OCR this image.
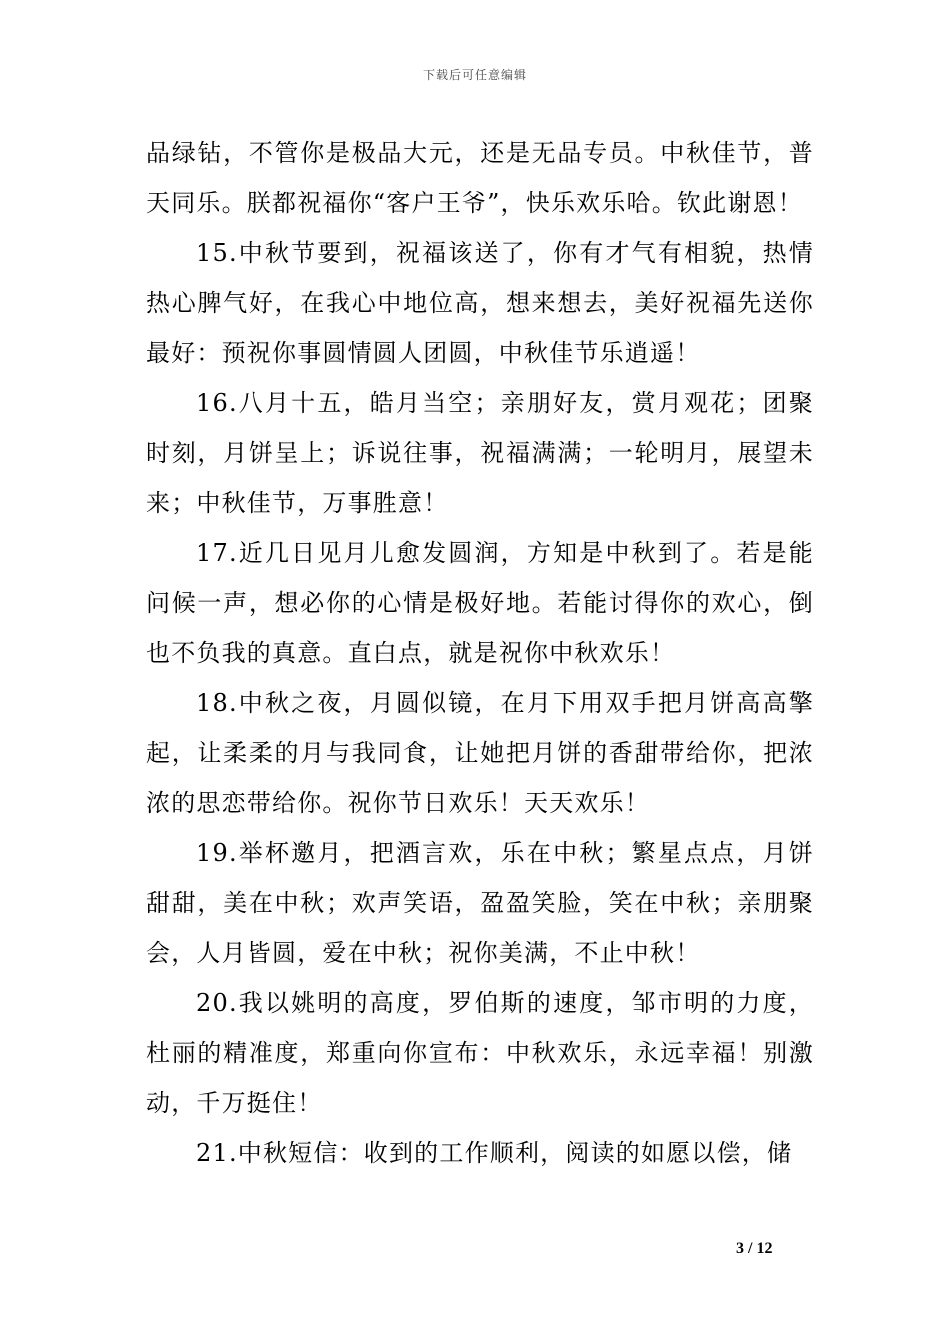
下载后可任意编辑

品绿钻，不管你是极品大元，还是无品专员。中秋佳节，普天同乐。朕都祝福你“客户王爷”，快乐欢乐哈。钦此谢恩！

15.中秋节要到，祝福该送了，你有才气有相貌，热情热心脾气好，在我心中地位高，想来想去，美好祝福先送你最好：预祝你事圆情圆人团圆，中秋佳节乐逍遥！

16.八月十五，皓月当空；亲朋好友，赏月观花；团聚时刻，月饼呈上；诉说往事，祝福满满；一轮明月，展望未来；中秋佳节，万事胜意！

17.近几日见月儿愈发圆润，方知是中秋到了。若是能问候一声，想必你的心情是极好地。若能讨得你的欢心，倒也不负我的真意。直白点，就是祝你中秋欢乐！

18.中秋之夜，月圆似镜，在月下用双手把月饼高高擎起，让柔柔的月与我同食，让她把月饼的香甜带给你，把浓浓的思恋带给你。祝你节日欢乐！天天欢乐！

19.举杯邀月，把酒言欢，乐在中秋；繁星点点，月饼甜甜，美在中秋；欢声笑语，盈盈笑脸，笑在中秋；亲朋聚会，人月皆圆，爱在中秋；祝你美满，不止中秋！

20.我以姚明的高度，罗伯斯的速度，邹市明的力度，杜丽的精准度，郑重向你宣布：中秋欢乐，永远幸福！别激动，千万挺住！

21.中秋短信：收到的工作顺利，阅读的如愿以偿，储

3 / 12
